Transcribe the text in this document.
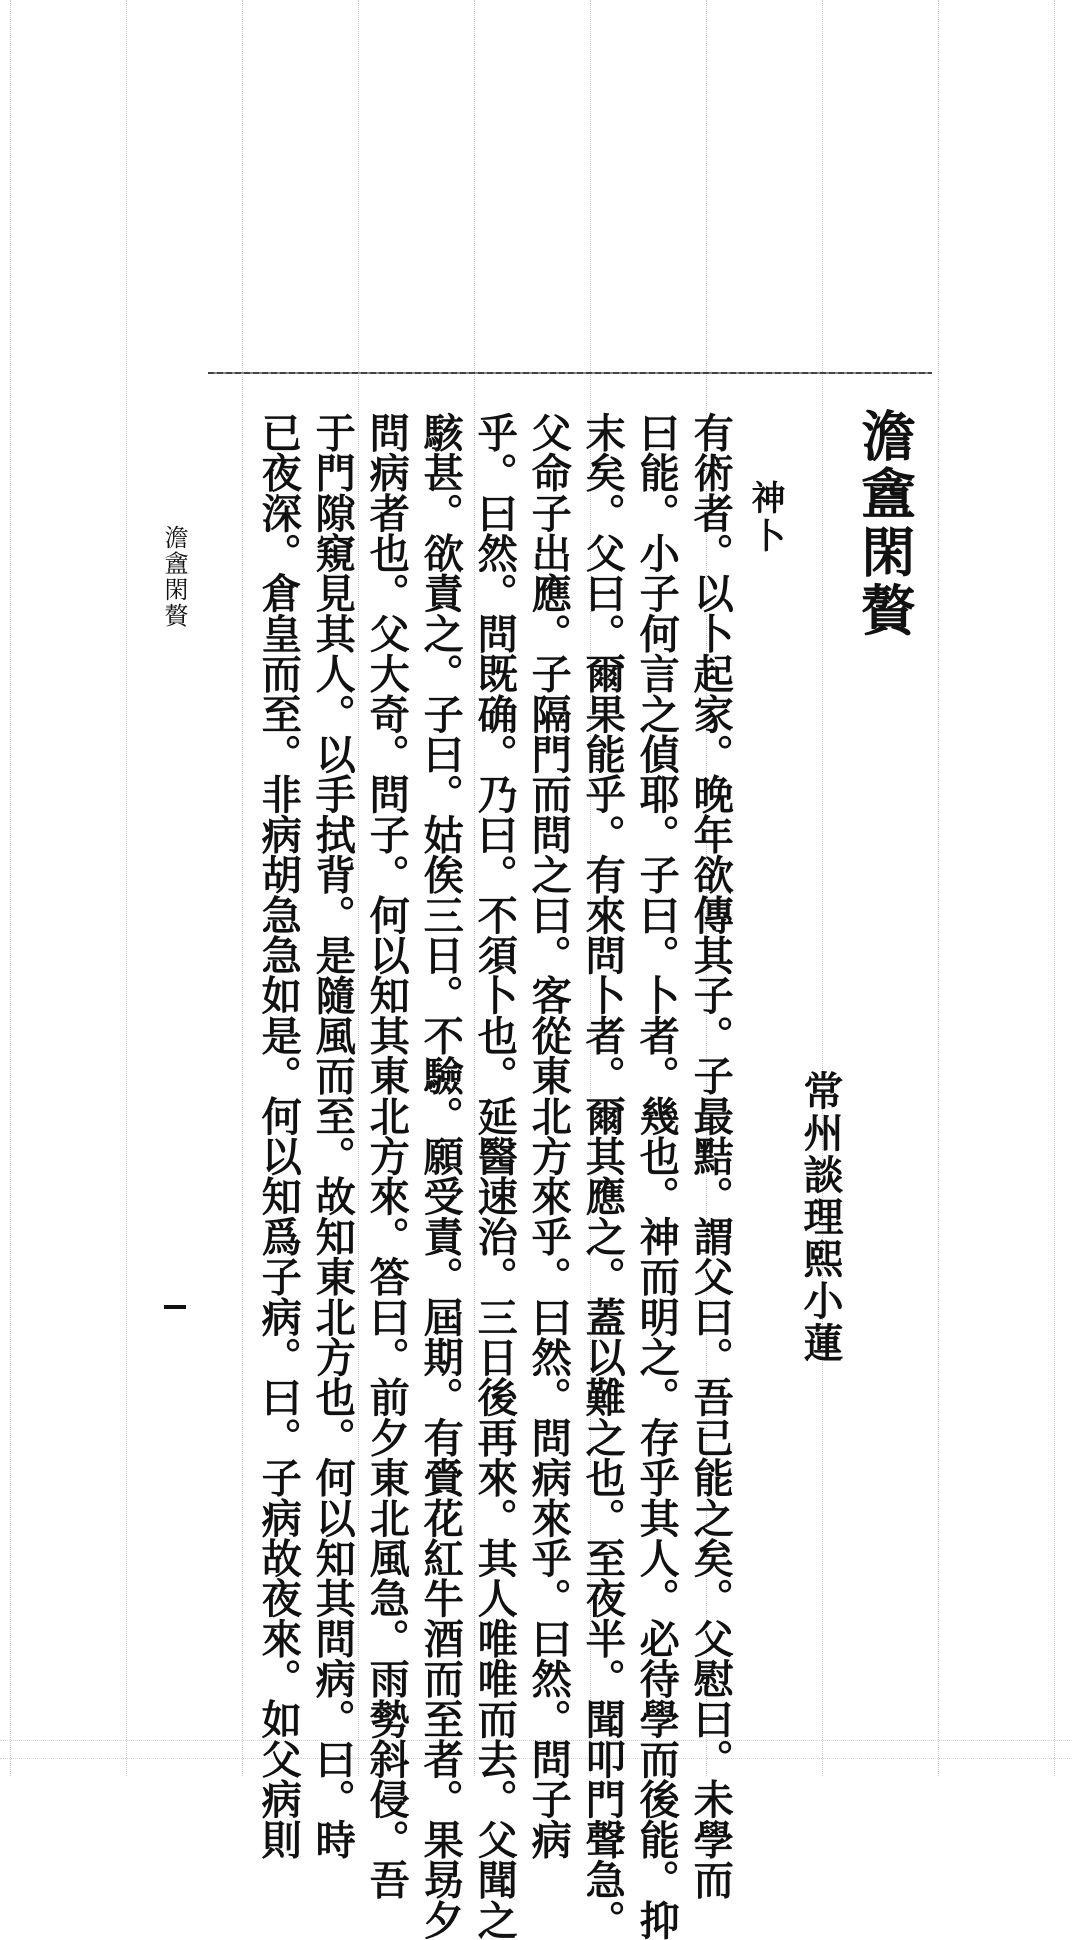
澹盦閑贅
神卜
常州談理熙小蓮
有術者。以卜起家。晚年欲傳其子。子最黠。謂父曰。吾已能之矣。父慰曰。未學而
曰能。小子何言之偵耶。子曰。卜者。幾也。神而明之。存乎其人。必待學而後能。抑
末矣。父曰。爾果能乎。有來問卜者。爾其應之。蓋以難之也。至夜半。聞叩門聲急。
父命子出應。子隔門而問之曰。客從東北方來乎。曰然。問病來乎。曰然。問子病
乎。曰然。問既确。乃曰。不須卜也。延醫速治。三日後再來。其人唯唯而去。父聞之
駭甚。欲責之。子曰。姑俟三日。不驗。願受責。屆期。有賫花紅牛酒而至者。果昮夕
問病者也。父大奇。問子。何以知其東北方來。答曰。前夕東北風急。雨勢斜侵。吾
于門隙窺見其人。以手拭背。是隨風而至。故知東北方也。何以知其問病。曰。時
已夜深。倉皇而至。非病胡急急如是。何以知爲子病。曰。子病故夜來。如父病則
澹盦閑贅
